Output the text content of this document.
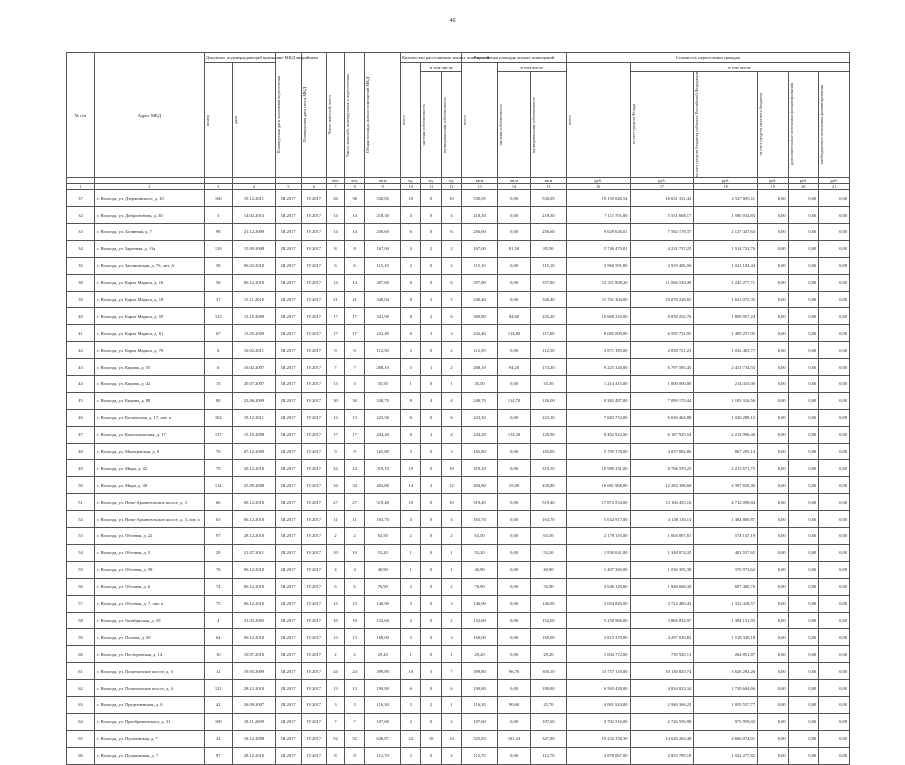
40
№ п/п	Адрес МКД	Документ, подтверждающий признание МКД аварийным		Планируемая дата окончания переселения	Планируемая дата сноса МКД	Число жителей, всего	Число жителей, планируемых к переселению	Общая площадь жилых помещений МКД	Количество расселяемых жилых помещений			Расселяемая площадь жилых помещений			Стоимость переселения граждан					

		номер	дата						всего	в том числе		всего	в том числе		всего	в том числе				

										частная собственность	муниципальная собственность		частная собственность	муниципальная собственность		за счет средств Фонда	за счет средств бюджета субъекта Российской Федерации	за счет средств местного бюджета	дополнительные источники финансирования	внебюджетные источники финансирования

						чел.	чел.	кв.м	ед.	ед.	ед.	кв.м	кв.м	кв.м	руб.	руб.	руб.	руб.	руб.	руб.
1	2	3	4	5	6	7	8	9	10	11	12	13	14	15	16	17	18	19	20	21
37	г. Вологда, ул. Дзержинского, д. 10	100	19.12.2011	III.2017	IV.2017	36	36	530,05	10	0	10	530,05	0,00	530,05	19 159 026,54	16 631 331,43	2 527 695,11	0,00	0,00	0,00
32	г. Вологда, ул. Добролюбова, д. 30	3	14.02.2013	III.2017	IV.2017	14	14	218,30	4	0	4	218,30	0,00	218,30	7 111 701,00	5 531 668,17	1 580 032,83	0,00	0,00	0,00
33	г. Вологда, ул. Залинная, д. 7	98	21.12.2009	III.2017	IV.2017	14	14	256,60	6	0	6	256,60	0,00	256,60	9 629 626,01	7 502 178,37	2 127 447,64	0,00	0,00	0,00
34	г. Вологда, ул. Заречная, д. 11а	119	15.09.2008	III.2017	IV.2017	8	8	167,00	4	2	2	167,00	81,50	85,50	5 746 470,01	4 231 737,25	1 514 732,76	0,00	0,00	0,00
35	г. Вологда, ул. Засимовская, д. 7б, лит. А	58	06.02.2010	III.2017	IV.2017	6	6	115,10	2	0	2	115,10	0,00	115,10	3 960 591,00	2 919 406,56	1 041 184,44	0,00	0,00	0,00
38	г. Вологда, ул. Карла Маркса, д. 16	50	06.12.2010	III.2017	IV.2017	14	14	407,60	6	0	6	357,80	0,00	357,80	12 311 808,20	11 066 530,49	1 245 277,71	0,00	0,00	0,00
39	г. Вологда, ул. Карла Маркса, д. 18	37	15.11.2010	III.2017	IV.2017	21	21	340,04	8	3	5	340,40	0,00	340,40	11 701 304,00	10 078 228,65	1 623 075,35	0,00	0,00	0,00
40	г. Вологда, ул. Карла Маркса, д. 59	123	13.10.2008	III.2017	IV.2017	17	17	341,90	8	2	6	309,80	84,60	225,20	10 660 210,00	8 850 252,76	1 809 957,24	0,00	0,00	0,00
41	г. Вологда, ул. Карла Маркса, д. 61	67	13.05.2009	III.2017	IV.2017	17	17	232,40	6	3	3	232,40	114,80	117,60	8 085 009,00	6 595 751,95	1 489 257,05	0,00	0,00	0,00
42	г. Вологда, ул. Карла Маркса, д. 79	6	16.02.2011	III.2017	IV.2017	9	9	112,50	2	0	2	112,50	0,00	112,50	3 871 185,00	2 838 721,23	1 032 463,77	0,00	0,00	0,00
43	г. Вологда, ул. Кирова, д. 35	6	16.02.2007	III.2017	IV.2017	7	7	268,10	3	1	2	268,10	94,20	174,20	9 225 320,00	6 797 585,45	2 431 734,55	0,00	0,00	0,00
44	г. Вологда, ул. Кирова, д. 42	15	20.07.2007	III.2017	IV.2017	13	3	35,50	1	0	1	35,50	0,00	35,50	1 214 415,00	1 000 000,00	214 415,00	0,00	0,00	0,00
45	г. Вологда, ул. Кирова, д. 88	80	23.06.2009	III.2017	IV.2017	30	30	240,70	8	4	4	240,70	114,70	126,00	8 282 487,00	7 099 170,44	1 183 316,56	0,00	0,00	0,00
46	г. Вологда, ул. Козленская, д. 17, лит. а	102	19.12.2011	III.2017	IV.2017	13	13	223,30	6	0	6	223,30	0,00	223,30	7 683 753,00	6 656 464,88	1 026 288,12	0,00	0,00	0,00
47	г. Вологда, ул. Комсомольская, д. 17	137	15.10.2008	III.2017	IV.2017	17	17	244,20	6	2	4	244,20	114,30	129,90	8 402 922,00	6 187 925,54	2 214 996,46	0,00	0,00	0,00
48	г. Вологда, ул. Мальцевская, д. 8	70	07.12.2009	III.2017	IV.2017	9	9	165,80	3	0	3	165,80	0,00	165,80	5 705 178,00	4 837 882,86	867 295,14	0,00	0,00	0,00
49	г. Вологда, ул. Мира, д. 42	79	20.12.2010	III.2017	IV.2017	24	24	319,10	10	0	10	319,10	0,00	319,10	10 980 231,00	8 766 559,25	2 213 671,75	0,00	0,00	0,00
50	г. Вологда, ул. Мира, д. 48	114	25.09.2008	III.2017	IV.2017	34	34	494,80	14	2	12	494,80	55,00	439,80	16 681 968,00	12 284 308,60	4 397 659,40	0,00	0,00	0,00
51	г. Вологда, ул. Ново-Архангельское шоссе, д. 3	66	06.12.2010	III.2017	IV.2017	27	27	519,40	10	0	10	519,40	0,00	519,40	17 872 554,00	13 160 455,16	4 712 098,84	0,00	0,00	0,00
52	г. Вологда, ул. Ново-Архангельское шоссе, д. 3, лит. а	63	06.12.2010	III.2017	IV.2017	11	11	163,70	4	0	4	163,70	0,00	163,70	5 632 917,00	4 148 116,13	1 484 800,87	0,00	0,00	0,00
53	г. Вологда, ул. Обозная, д. 22	97	28.12.2010	III.2017	IV.2017	2	2	63,50	2	0	2	63,50	0,00	63,50	2 178 155,00	1 604 007,81	574 147,19	0,00	0,00	0,00
54	г. Вологда, ул. Обозная, д. 5	29	21.07.2011	III.2017	IV.2017	10	10	53,20	1	0	1	53,20	0,00	53,20	1 830 631,00	1 348 074,35	482 557,65	0,00	0,00	0,00
55	г. Вологда, ул. Обозная, д. 58	76	06.12.2010	III.2017	IV.2017	4	4	40,90	1	0	1	40,90	0,00	40,90	1 407 369,00	1 036 395,38	370 973,62	0,00	0,00	0,00
56	г. Вологда, ул. Обозная, д. 6	74	06.12.2010	III.2017	IV.2017	6	6	76,90	2	0	2	76,90	0,00	76,90	2 646 129,00	1 948 668,30	697 460,70	0,00	0,00	0,00
57	г. Вологда, ул. Обозная, д. 7, лит. а	75	06.12.2010	III.2017	IV.2017	15	15	146,90	3	0	3	146,90	0,00	146,90	5 054 829,00	3 722 400,43	1 332 428,57	0,00	0,00	0,00
58	г. Вологда, ул. Октябрьская, д. 59	4	31.03.2005	III.2017	IV.2017	10	10	152,60	2	0	2	152,60	0,00	152,60	5 250 966,00	3 866 834,97	1 384 131,03	0,00	0,00	0,00
59	г. Вологда, ул. Попова, д. 50	64	06.12.2010	III.2017	IV.2017	13	13	169,00	3	0	3	169,00	0,00	169,00	5 815 370,00	4 297 020,82	1 518 349,18	0,00	0,00	0,00
60	г. Вологда, ул. Пестеревская, д. 14	10	10.07.2010	III.2017	IV.2017	2	2	29,20	1	0	1	29,20	0,00	29,20	1 004 772,00	739 920,13	264 851,87	0,00	0,00	0,00
61	г. Вологда, ул. Пошехонское шоссе, д. 3	12	19.05.2009	III.2017	IV.2017	24	24	399,80	10	3	7	399,80	96,70	303,10	13 757 118,00	10 130 825,74	3 626 292,26	0,00	0,00	0,00
62	г. Вологда, ул. Пошехонское шоссе, д. 4	121	28.12.2010	III.2017	IV.2017	13	13	190,80	6	0	6	190,80	0,00	190,80	6 565 428,00	4 834 823,34	1 730 604,66	0,00	0,00	0,00
63	г. Вологда, ул. Предтеченская, д. 6	42	26.09.2007	III.2017	IV.2017	3	3	116,30	3	2	1	116,30	90,60	25,70	4 001 924,00	2 946 366,23	1 055 557,77	0,00	0,00	0,00
64	г. Вологда, ул. Преображенского, д. 31	100	18.11.2009	III.2017	IV.2017	7	7	107,60	2	0	2	107,60	0,00	107,60	3 702 516,00	2 726 556,98	975 959,02	0,00	0,00	0,00
65	г. Вологда, ул. Пугачевская, д. 7	24	18.12.2008	III.2017	IV.2017	52	52	638,87	24	10	14	525,83	181,34	347,89	19 232 338,39	14 626 263,48	4 606 074,91	0,00	0,00	0,00
66	г. Вологда, ул. Пушкинская, д. 7	97	28.12.2010	III.2017	IV.2017	8	8	112,70	2	0	2	112,70	0,00	112,70	3 878 067,00	2 855 789,18	1 022 277,82	0,00	0,00	0,00
